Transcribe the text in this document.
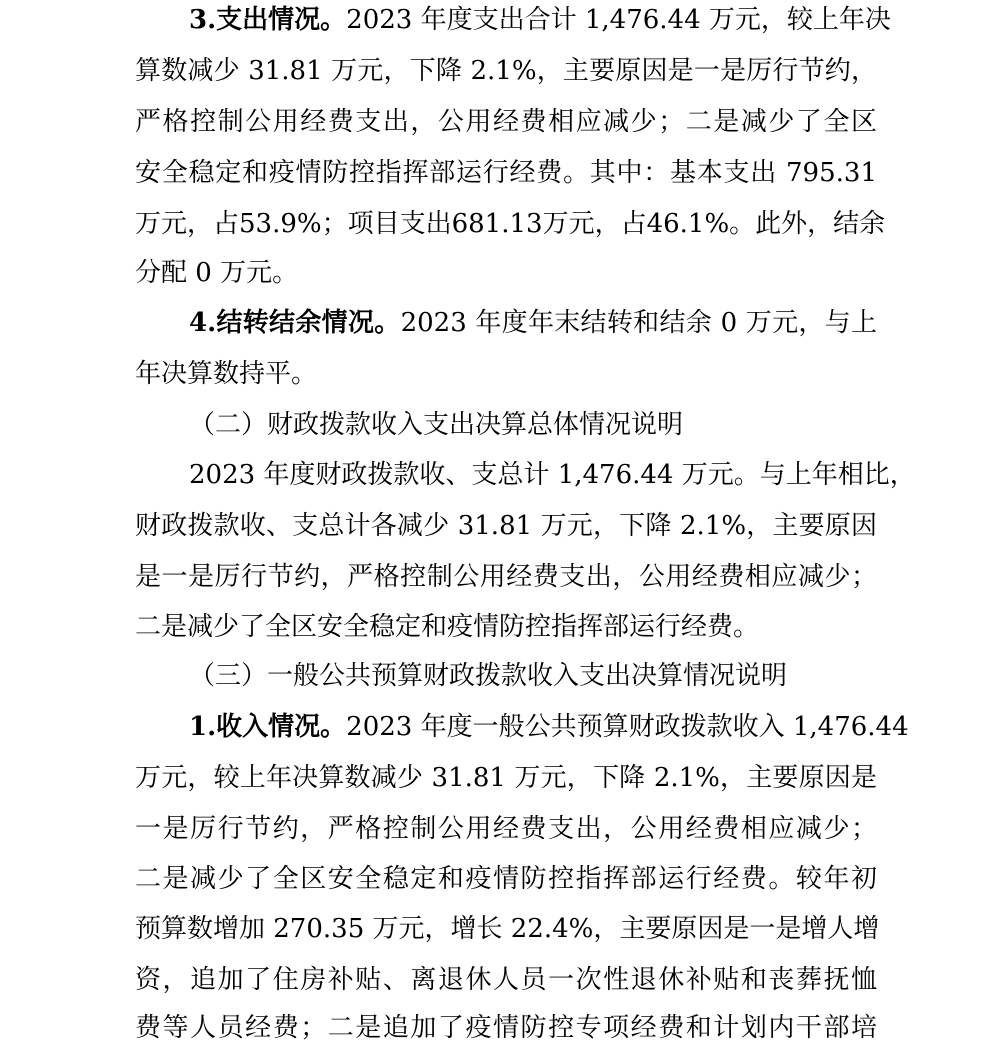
3.支出情况。2023 年度支出合计 1,476.44 万元，较上年决
算数减少 31.81 万元，下降 2.1%，主要原因是一是厉行节约，
严格控制公用经费支出，公用经费相应减少；二是减少了全区
安全稳定和疫情防控指挥部运行经费。其中：基本支出 795.31
万元，占53.9%；项目支出681.13万元，占46.1%。此外，结余
分配 0 万元。
4.结转结余情况。2023 年度年末结转和结余 0 万元，与上
年决算数持平。
（二）财政拨款收入支出决算总体情况说明
2023 年度财政拨款收、支总计 1,476.44 万元。与上年相比，
财政拨款收、支总计各减少 31.81 万元，下降 2.1%，主要原因
是一是厉行节约，严格控制公用经费支出，公用经费相应减少；
二是减少了全区安全稳定和疫情防控指挥部运行经费。
（三）一般公共预算财政拨款收入支出决算情况说明
1.收入情况。2023 年度一般公共预算财政拨款收入 1,476.44
万元，较上年决算数减少 31.81 万元，下降 2.1%，主要原因是
一是厉行节约，严格控制公用经费支出，公用经费相应减少；
二是减少了全区安全稳定和疫情防控指挥部运行经费。较年初
预算数增加 270.35 万元，增长 22.4%，主要原因是一是增人增
资，追加了住房补贴、离退休人员一次性退休补贴和丧葬抚恤
费等人员经费；二是追加了疫情防控专项经费和计划内干部培
